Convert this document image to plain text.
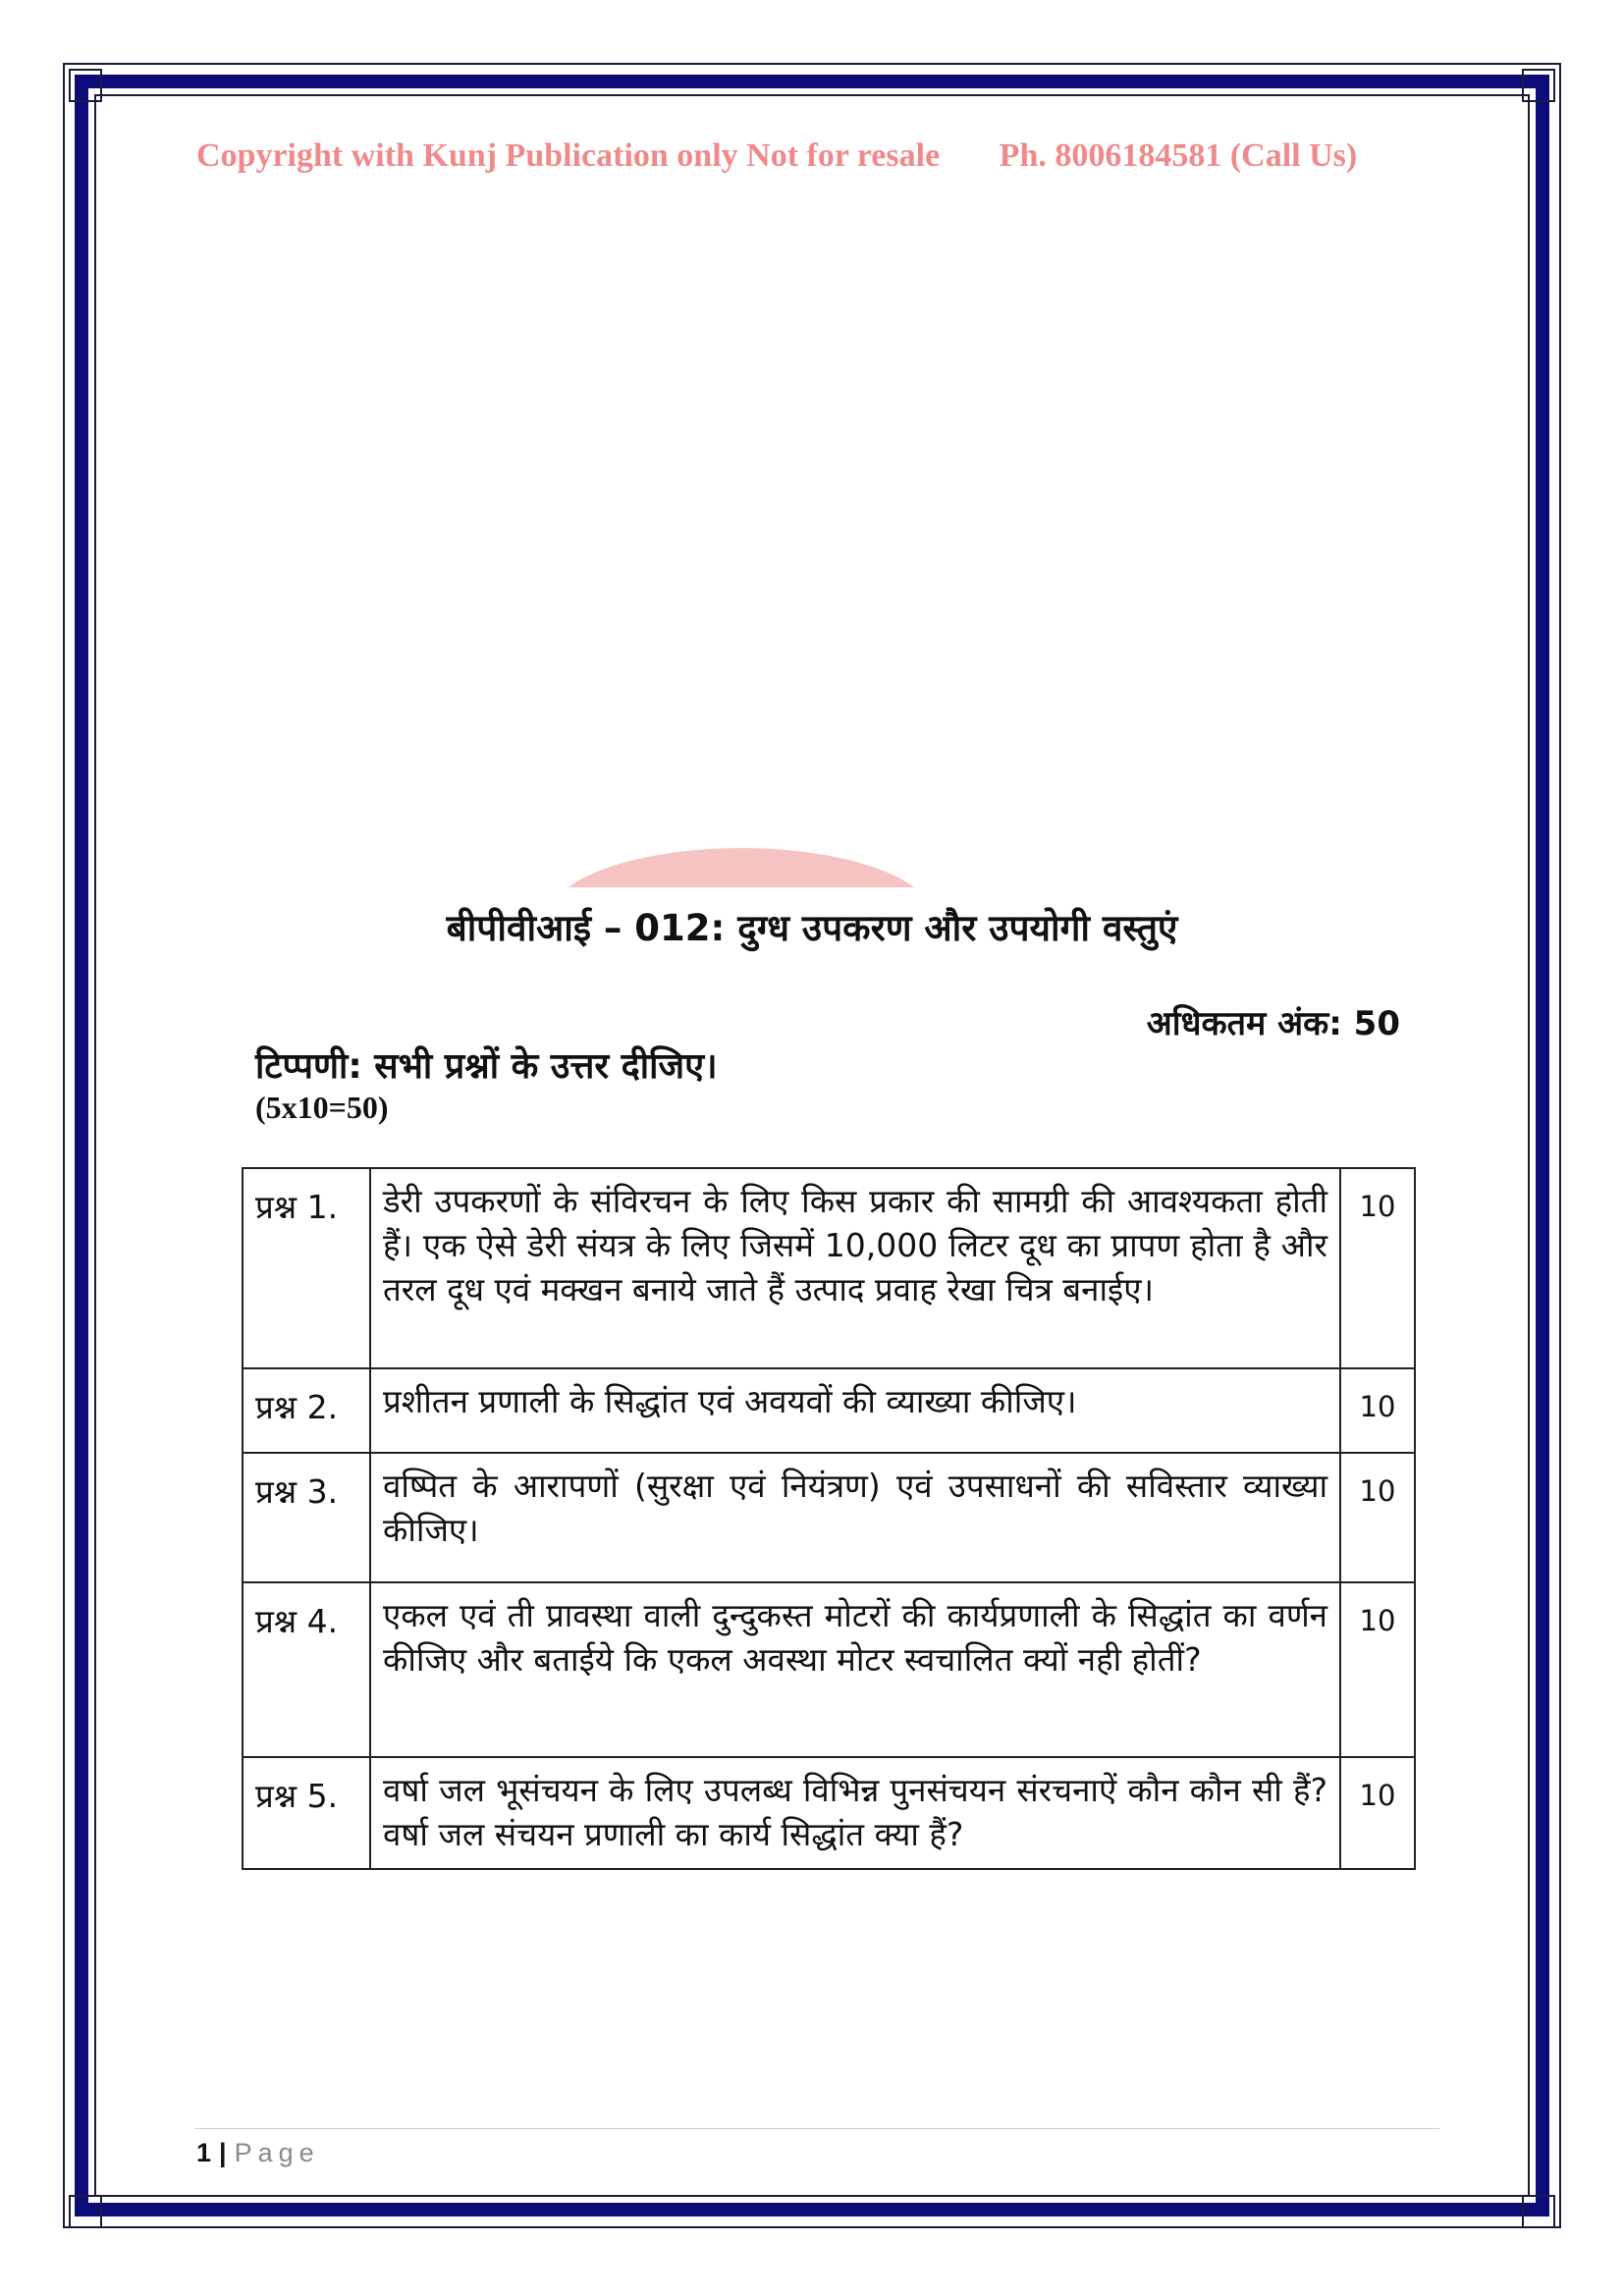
Copyright with Kunj Publication only Not for resale Ph. 8006184581 (Call Us)
बीपीवीआई – 012: दुग्ध उपकरण और उपयोगी वस्तुएं
अधिकतम अंक: 50
टिप्पणी: सभी प्रश्नों के उत्तर दीजिए।
(5x10=50)
प्रश्न 1.	डेरी उपकरणों के संविरचन के लिए किस प्रकार की सामग्री की आवश्यकता होती हैं। एक ऐसे डेरी संयत्र के लिए जिसमें 10,000 लिटर दूध का प्रापण होता है और तरल दूध एवं मक्खन बनाये जाते हैं उत्पाद प्रवाह रेखा चित्र बनाईए।	10
प्रश्न 2.	प्रशीतन प्रणाली के सिद्धांत एवं अवयवों की व्याख्या कीजिए।	10
प्रश्न 3.	वष्पित के आरापणों (सुरक्षा एवं नियंत्रण) एवं उपसाधनों की सविस्तार व्याख्या कीजिए।	10
प्रश्न 4.	एकल एवं ती प्रावस्था वाली दुन्दुकस्त मोटरों की कार्यप्रणाली के सिद्धांत का वर्णन कीजिए और बताईये कि एकल अवस्था मोटर स्वचालित क्यों नही होतीं?	10
प्रश्न 5.	वर्षा जल भूसंचयन के लिए उपलब्ध विभिन्न पुनसंचयन संरचनाऐं कौन कौन सी हैं? वर्षा जल संचयन प्रणाली का कार्य सिद्धांत क्या हैं?	10
1 | Page
